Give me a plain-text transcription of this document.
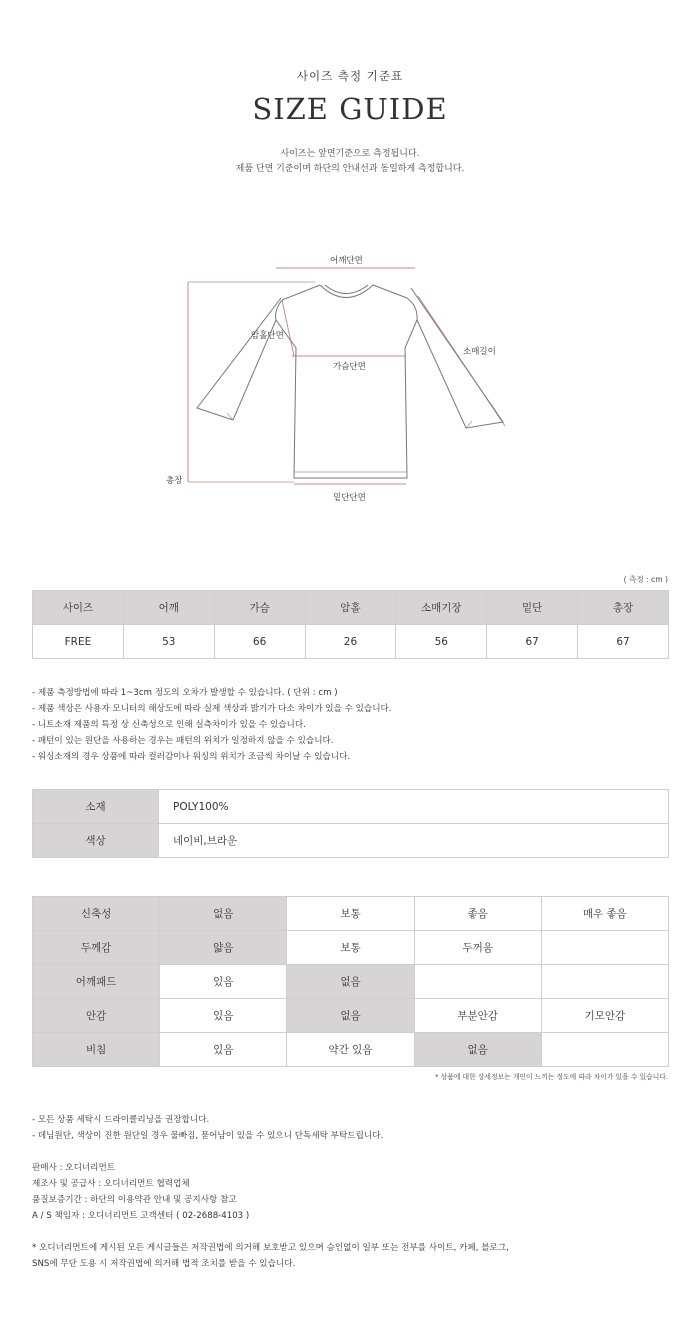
사이즈 측정 기준표
SIZE GUIDE
사이즈는 앞면기준으로 측정됩니다.
제품 단면 기준이며 하단의 안내선과 동일하게 측정합니다.
어깨단면
암홀단면
소매길이
가슴단면
총장
밑단단면
( 측정 : cm )
사이즈	어깨	가슴	암홀	소매기장	밑단	총장
FREE	53	66	26	56	67	67
- 제품 측정방법에 따라 1~3cm 정도의 오차가 발생할 수 있습니다. ( 단위 : cm )
- 제품 색상은 사용자 모니터의 해상도에 따라 실제 색상과 밝기가 다소 차이가 있을 수 있습니다.
- 니트소재 제품의 특정 상 신축성으로 인해 실측차이가 있을 수 있습니다.
- 패턴이 있는 원단을 사용하는 경우는 패턴의 위치가 일정하지 않을 수 있습니다.
- 워싱소재의 경우 상품에 따라 컬러감이나 워싱의 위치가 조금씩 차이날 수 있습니다.
소재	POLY100%
색상	네이비,브라운
신축성	없음	보통	좋음	매우 좋음
두께감	얇음	보통	두꺼움	
어깨패드	있음	없음		
안감	있음	없음	부분안감	기모안감
비침	있음	약간 있음	없음	
* 상품에 대한 상세정보는 개인이 느끼는 정도에 따라 차이가 있을 수 있습니다.
- 모든 상품 세탁시 드라이클리닝을 권장합니다.
- 데님원단, 색상이 진한 원단일 경우 물빠짐, 묻어남이 있을 수 있으니 단독세탁 부탁드립니다.
판매사 : 오디너리먼트
제조사 및 공급사 : 오디너리먼트 협력업체
품질보증기간 : 하단의 이용약관 안내 및 공지사항 참고
A / S 책임자 : 오디너리먼트 고객센터 ( 02-2688-4103 )
* 오디너리먼트에 게시된 모든 게시글들은 저작권법에 의거해 보호받고 있으며 승인없이 일부 또는 전부를 사이트, 카페, 블로그,
SNS에 무단 도용 시 저작권법에 의거해 법적 조치를 받을 수 있습니다.
